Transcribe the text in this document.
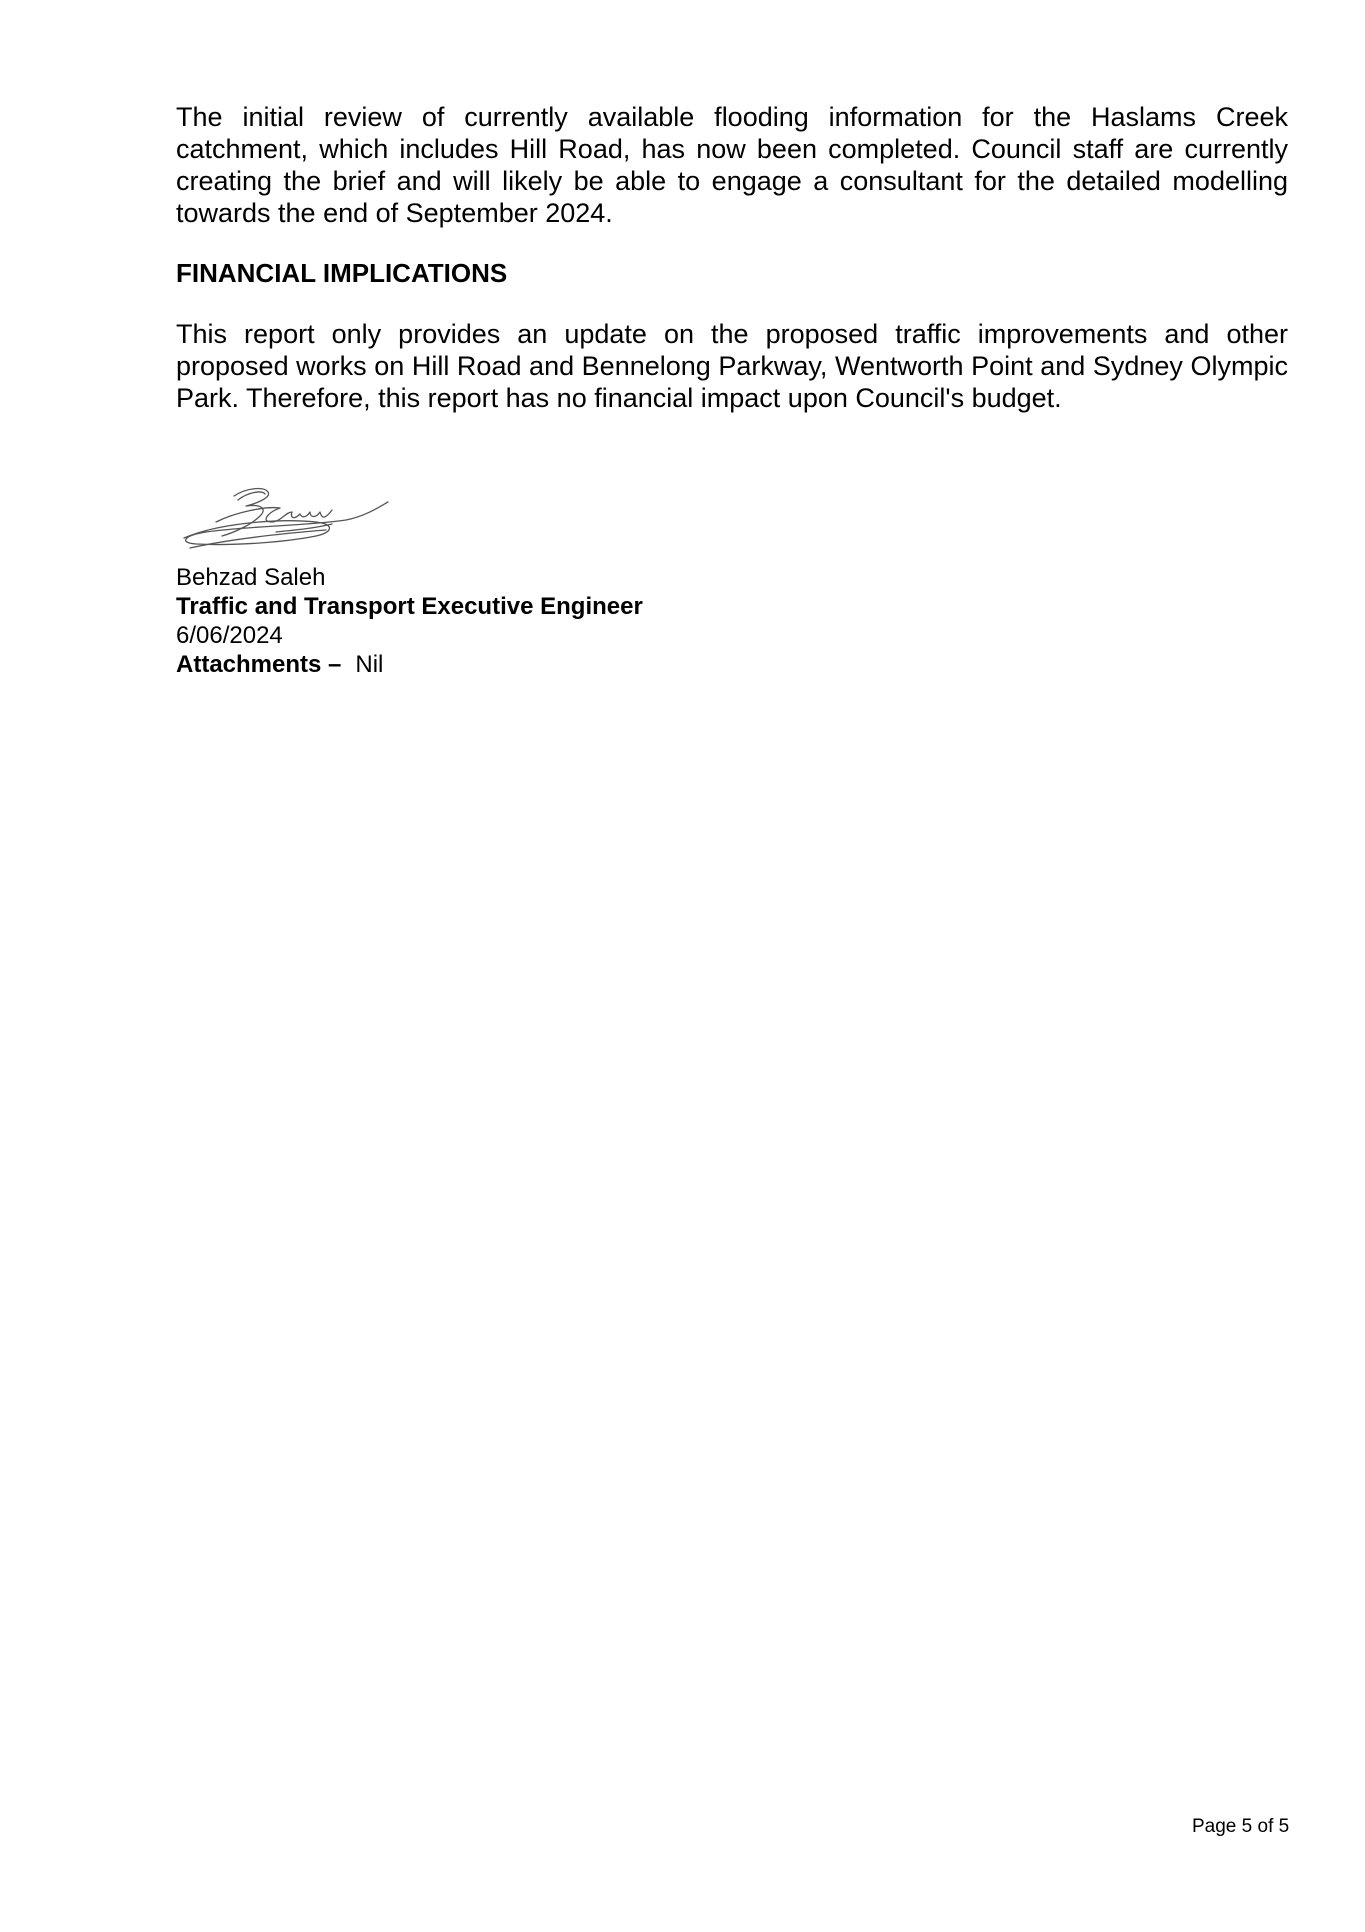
The initial review of currently available flooding information for the Haslams Creek catchment, which includes Hill Road, has now been completed. Council staff are currently creating the brief and will likely be able to engage a consultant for the detailed modelling towards the end of September 2024.

FINANCIAL IMPLICATIONS

This report only provides an update on the proposed traffic improvements and other proposed works on Hill Road and Bennelong Parkway, Wentworth Point and Sydney Olympic Park. Therefore, this report has no financial impact upon Council's budget.

Behzad Saleh
Traffic and Transport Executive Engineer
6/06/2024
Attachments – Nil
Page 5 of 5
